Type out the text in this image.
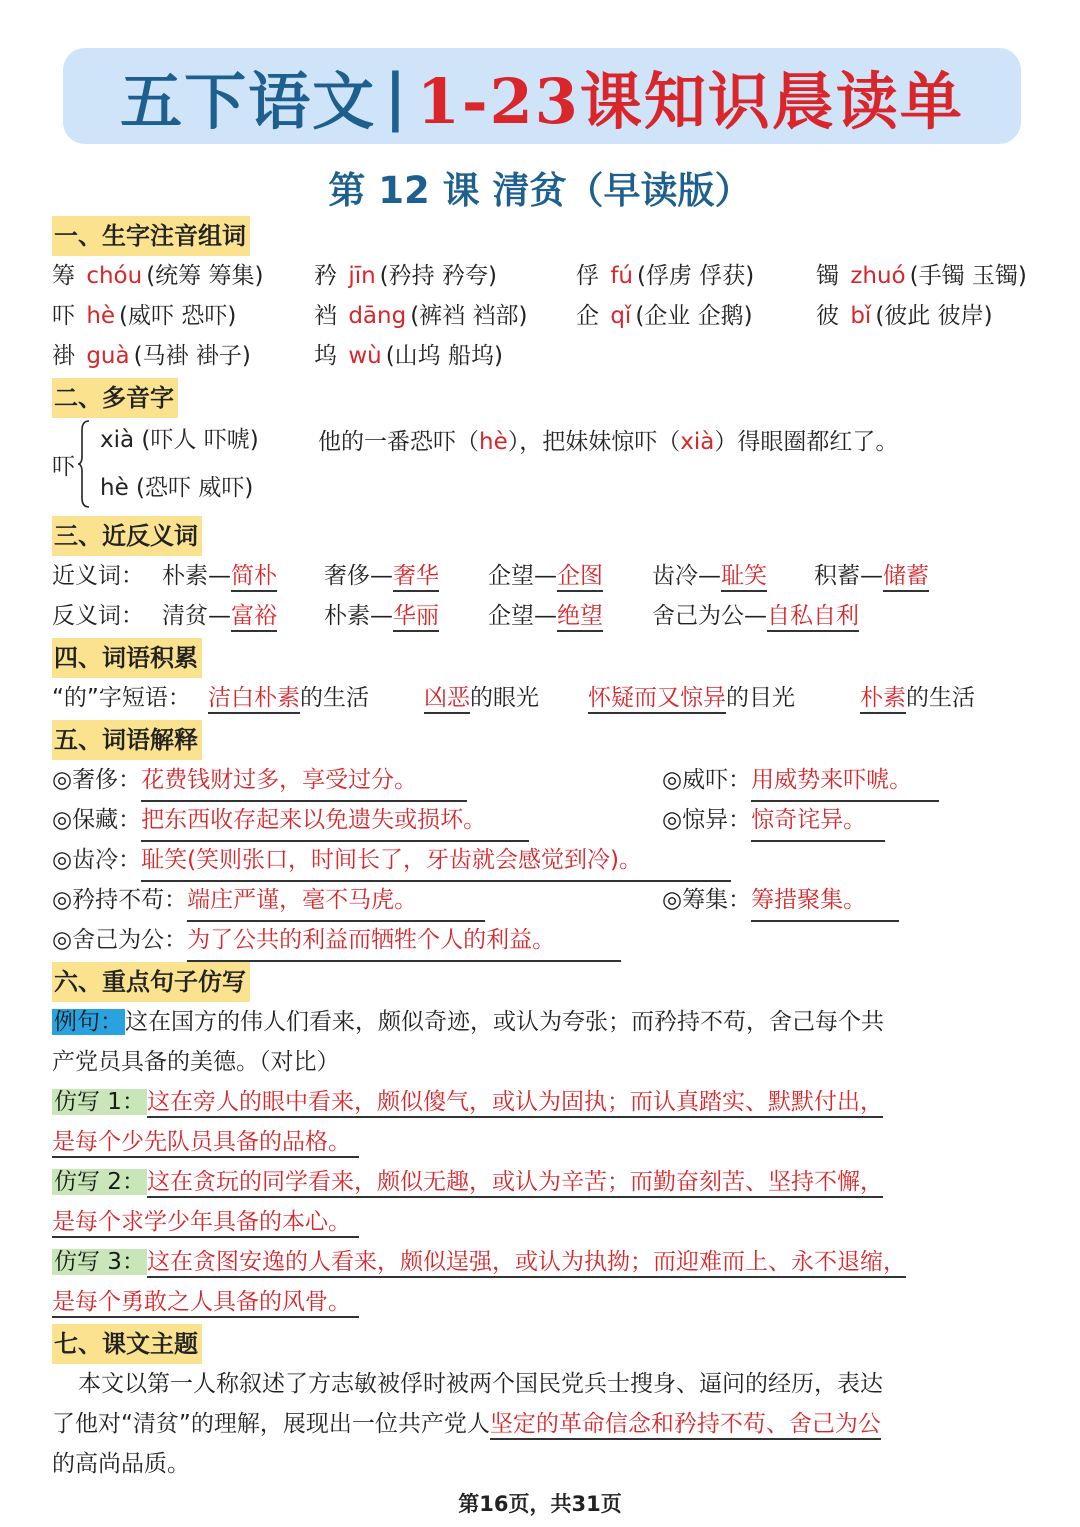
五下语文 | 1-23课知识晨读单
第 12 课 清贫（早读版）
一、生字注音组词
筹 chóu (统筹 筹集) 矜 jīn (矜持 矜夸)	俘 fú (俘虏 俘获)	镯 zhuó (手镯 玉镯)
吓 hè (威吓 恐吓)	裆 dāng (裤裆 裆部) 企 qǐ (企业 企鹅)	彼 bǐ (彼此 彼岸)
褂 guà (马褂 褂子)	坞 wù (山坞 船坞)
二、多音字
吓
xià (吓人 吓唬)
hè (恐吓 威吓)
他的一番恐吓（hè），把妹妹惊吓（xià）得眼圈都红了。
三、近反义词
近义词： 朴素—简朴 奢侈—奢华 企望—企图 齿冷—耻笑 积蓄—储蓄
反义词： 清贫—富裕 朴素—华丽 企望—绝望 舍己为公—自私自利
四、词语积累
“的”字短语： 洁白朴素的生活 凶恶的眼光 怀疑而又惊异的目光	朴素的生活
五、词语解释
◎奢侈：花费钱财过多，享受过分。	◎威吓：用威势来吓唬。
◎保藏：把东西收存起来以免遗失或损坏。	◎惊异：惊奇诧异。
◎齿冷：耻笑(笑则张口，时间长了，牙齿就会感觉到冷)。
◎矜持不苟：端庄严谨，毫不马虎。	◎筹集：筹措聚集。
◎舍己为公：为了公共的利益而牺牲个人的利益。
六、重点句子仿写
例句：这在国方的伟人们看来，颇似奇迹，或认为夸张；而矜持不苟，舍己每个共
产党员具备的美德。（对比）
仿写 1：这在旁人的眼中看来，颇似傻气，或认为固执；而认真踏实、默默付出，
是每个少先队员具备的品格。
仿写 2：这在贪玩的同学看来，颇似无趣，或认为辛苦；而勤奋刻苦、坚持不懈，
是每个求学少年具备的本心。
仿写 3：这在贪图安逸的人看来，颇似逞强，或认为执拗；而迎难而上、永不退缩，
是每个勇敢之人具备的风骨。
七、课文主题
本文以第一人称叙述了方志敏被俘时被两个国民党兵士搜身、逼问的经历，表达
了他对“清贫”的理解，展现出一位共产党人坚定的革命信念和矜持不苟、舍己为公
的高尚品质。
第16页，共31页
